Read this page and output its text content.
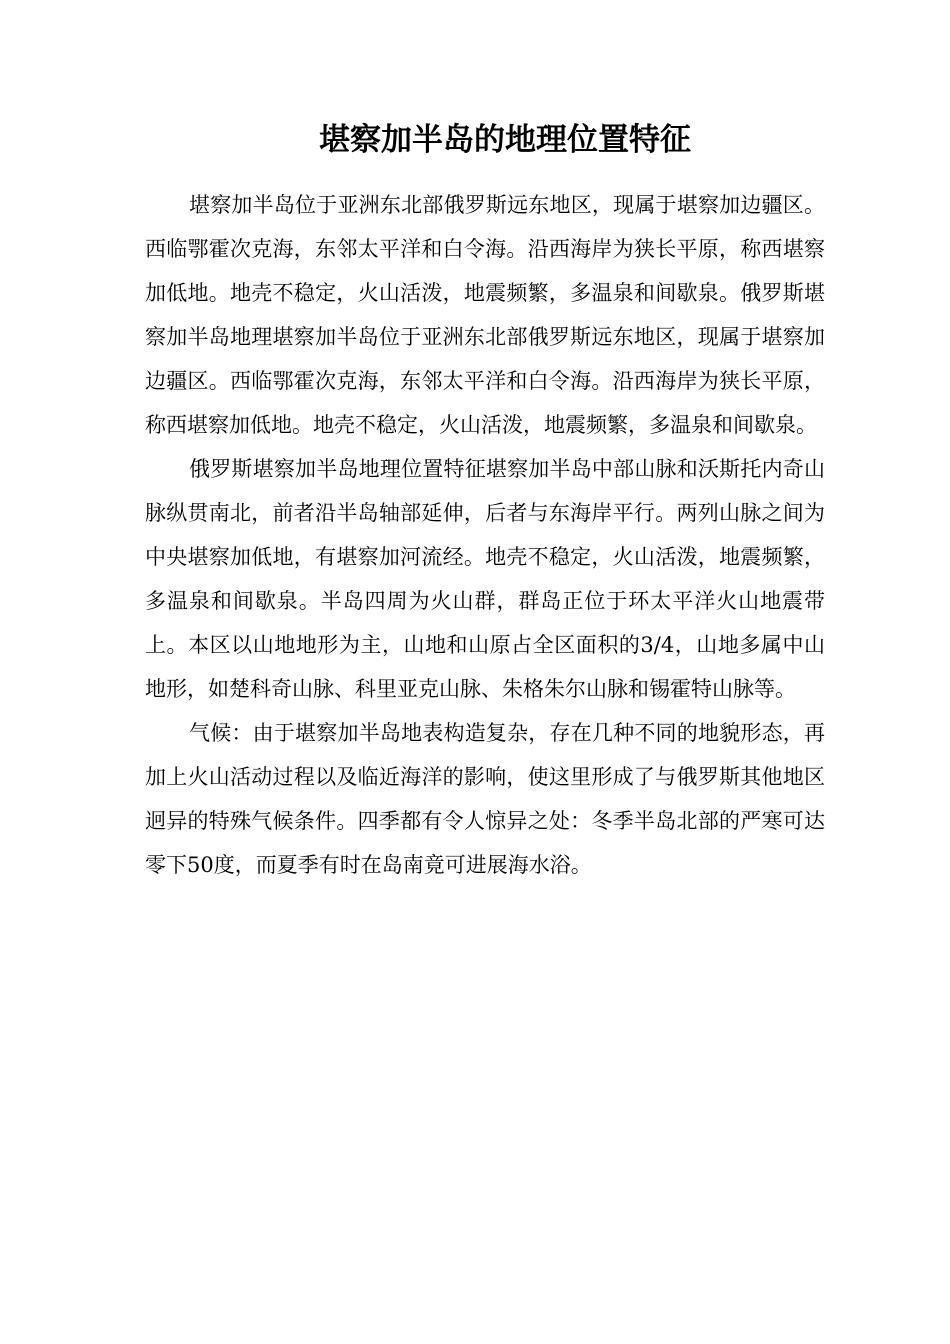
堪察加半岛的地理位置特征

堪察加半岛位于亚洲东北部俄罗斯远东地区，现属于堪察加边疆区。西临鄂霍次克海，东邻太平洋和白令海。沿西海岸为狭长平原，称西堪察加低地。地壳不稳定，火山活泼，地震频繁，多温泉和间歇泉。俄罗斯堪察加半岛地理堪察加半岛位于亚洲东北部俄罗斯远东地区，现属于堪察加边疆区。西临鄂霍次克海，东邻太平洋和白令海。沿西海岸为狭长平原，称西堪察加低地。地壳不稳定，火山活泼，地震频繁，多温泉和间歇泉。

俄罗斯堪察加半岛地理位置特征堪察加半岛中部山脉和沃斯托内奇山脉纵贯南北，前者沿半岛轴部延伸，后者与东海岸平行。两列山脉之间为中央堪察加低地，有堪察加河流经。地壳不稳定，火山活泼，地震频繁，多温泉和间歇泉。半岛四周为火山群，群岛正位于环太平洋火山地震带上。本区以山地地形为主，山地和山原占全区面积的3/4，山地多属中山地形，如楚科奇山脉、科里亚克山脉、朱格朱尔山脉和锡霍特山脉等。

气候：由于堪察加半岛地表构造复杂，存在几种不同的地貌形态，再加上火山活动过程以及临近海洋的影响，使这里形成了与俄罗斯其他地区迥异的特殊气候条件。四季都有令人惊异之处：冬季半岛北部的严寒可达零下50度，而夏季有时在岛南竟可进展海水浴。
